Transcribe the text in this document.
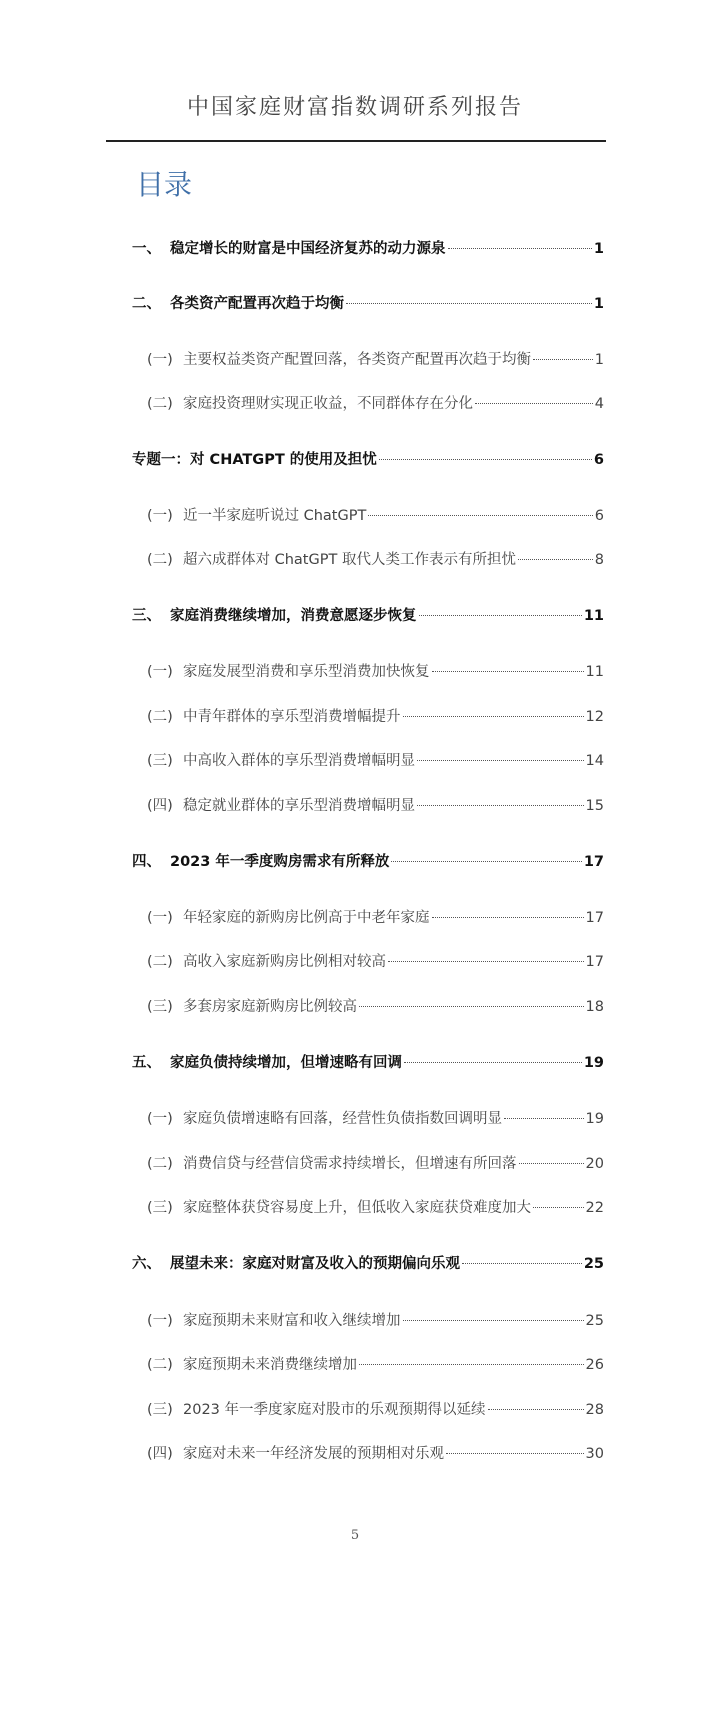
中国家庭财富指数调研系列报告
目录
一、 稳定增长的财富是中国经济复苏的动力源泉	1
二、 各类资产配置再次趋于均衡	1
(一) 主要权益类资产配置回落，各类资产配置再次趋于均衡	1
(二) 家庭投资理财实现正收益，不同群体存在分化	4
专题一：对 CHATGPT 的使用及担忧	6
(一) 近一半家庭听说过 ChatGPT	6
(二) 超六成群体对 ChatGPT 取代人类工作表示有所担忧	8
三、 家庭消费继续增加，消费意愿逐步恢复	11
(一) 家庭发展型消费和享乐型消费加快恢复	11
(二) 中青年群体的享乐型消费增幅提升	12
(三) 中高收入群体的享乐型消费增幅明显	14
(四) 稳定就业群体的享乐型消费增幅明显	15
四、 2023 年一季度购房需求有所释放	17
(一) 年轻家庭的新购房比例高于中老年家庭	17
(二) 高收入家庭新购房比例相对较高	17
(三) 多套房家庭新购房比例较高	18
五、 家庭负债持续增加，但增速略有回调	19
(一) 家庭负债增速略有回落，经营性负债指数回调明显	19
(二) 消费信贷与经营信贷需求持续增长，但增速有所回落	20
(三) 家庭整体获贷容易度上升，但低收入家庭获贷难度加大	22
六、 展望未来：家庭对财富及收入的预期偏向乐观	25
(一) 家庭预期未来财富和收入继续增加	25
(二) 家庭预期未来消费继续增加	26
(三) 2023 年一季度家庭对股市的乐观预期得以延续	28
(四) 家庭对未来一年经济发展的预期相对乐观	30
5
